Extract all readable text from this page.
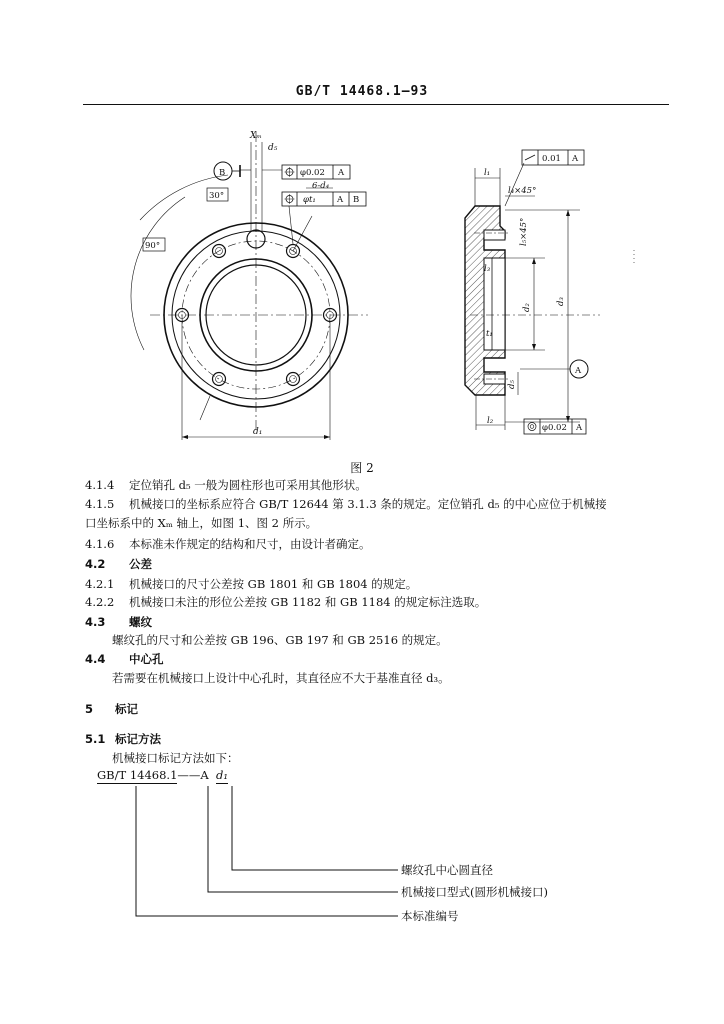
GB/T 14468.1—93
Xₘ
d₅
d₁
6-d₄
B	φ0.02 A
φt₁ A B
30°
90°
0.01 A
A
φ0.02 A
l₁
l₄×45°
l₃
t₁
l₂
l₅×45°
d₂
d₃
d₅
图 2
4.1.4 定位销孔 d₅ 一般为圆柱形也可采用其他形状。
4.1.5 机械接口的坐标系应符合 GB/T 12644 第 3.1.3 条的规定。定位销孔 d₅ 的中心应位于机械接
口坐标系中的 Xₘ 轴上，如图 1、图 2 所示。
4.1.6 本标准未作规定的结构和尺寸，由设计者确定。
4.2 公差
4.2.1 机械接口的尺寸公差按 GB 1801 和 GB 1804 的规定。
4.2.2 机械接口未注的形位公差按 GB 1182 和 GB 1184 的规定标注选取。
4.3 螺纹
螺纹孔的尺寸和公差按 GB 196、GB 197 和 GB 2516 的规定。
4.4 中心孔
若需要在机械接口上设计中心孔时，其直径应不大于基准直径 d₃。
5 标记
5.1 标记方法
机械接口标记方法如下：
GB/T 14468.1——A d₁
螺纹孔中心圆直径
机械接口型式(圆形机械接口)
本标准编号
